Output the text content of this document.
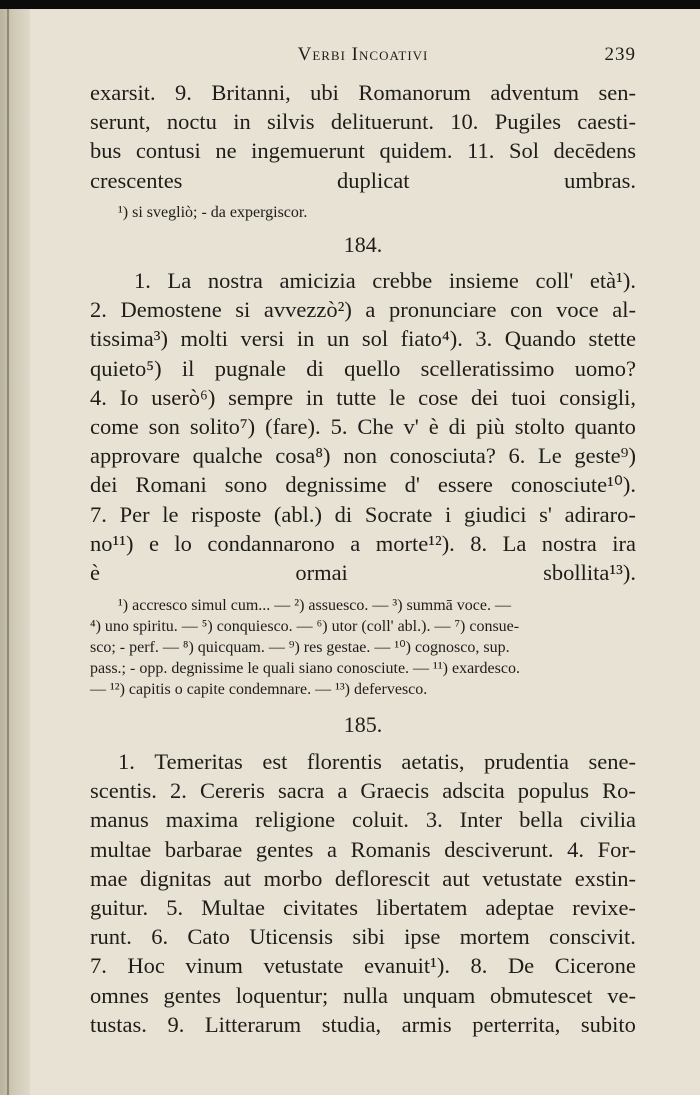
Verbi Incoativi	239
exarsit. 9. Britanni, ubi Romanorum adventum sen-
serunt, noctu in silvis delituerunt. 10. Pugiles caesti-
bus contusi ne ingemuerunt quidem. 11. Sol decēdens
crescentes duplicat umbras.
¹) si svegliò; - da expergiscor.
184.
1. La nostra amicizia crebbe insieme coll' età¹).
2. Demostene si avvezzò²) a pronunciare con voce al-
tissima³) molti versi in un sol fiato⁴). 3. Quando stette
quieto⁵) il pugnale di quello scelleratissimo uomo?
4. Io userò⁶) sempre in tutte le cose dei tuoi consigli,
come son solito⁷) (fare). 5. Che v' è di più stolto quanto
approvare qualche cosa⁸) non conosciuta? 6. Le geste⁹)
dei Romani sono degnissime d' essere conosciute¹⁰).
7. Per le risposte (abl.) di Socrate i giudici s' adiraro-
no¹¹) e lo condannarono a morte¹²). 8. La nostra ira
è ormai sbollita¹³).
¹) accresco simul cum... — ²) assuesco. — ³) summā voce. —
⁴) uno spiritu. — ⁵) conquiesco. — ⁶) utor (coll' abl.). — ⁷) consue-
sco; - perf. — ⁸) quicquam. — ⁹) res gestae. — ¹⁰) cognosco, sup.
pass.; - opp. degnissime le quali siano conosciute. — ¹¹) exardesco.
— ¹²) capitis o capite condemnare. — ¹³) defervesco.
185.
1. Temeritas est florentis aetatis, prudentia sene-
scentis. 2. Cereris sacra a Graecis adscita populus Ro-
manus maxima religione coluit. 3. Inter bella civilia
multae barbarae gentes a Romanis desciverunt. 4. For-
mae dignitas aut morbo deflorescit aut vetustate exstin-
guitur. 5. Multae civitates libertatem adeptae revixe-
runt. 6. Cato Uticensis sibi ipse mortem conscivit.
7. Hoc vinum vetustate evanuit¹). 8. De Cicerone
omnes gentes loquentur; nulla unquam obmutescet ve-
tustas. 9. Litterarum studia, armis perterrita, subito
